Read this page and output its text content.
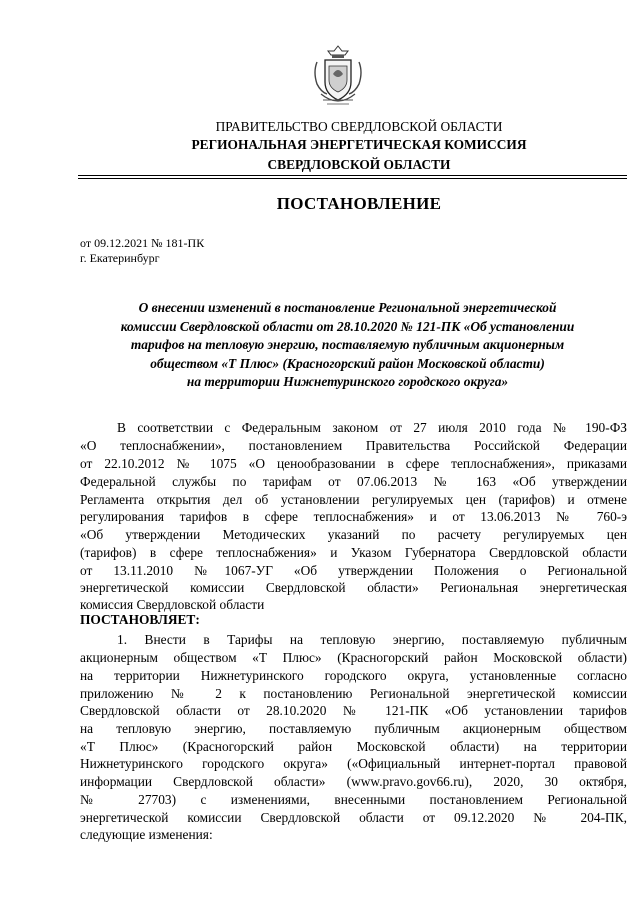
ПРАВИТЕЛЬСТВО СВЕРДЛОВСКОЙ ОБЛАСТИ
РЕГИОНАЛЬНАЯ ЭНЕРГЕТИЧЕСКАЯ КОМИССИЯ
СВЕРДЛОВСКОЙ ОБЛАСТИ
ПОСТАНОВЛЕНИЕ
от 09.12.2021 № 181-ПК
г. Екатеринбург
О внесении изменений в постановление Региональной энергетической
комиссии Свердловской области от 28.10.2020 № 121-ПК «Об установлении
тарифов на тепловую энергию, поставляемую публичным акционерным
обществом «Т Плюс» (Красногорский район Московской области)
на территории Нижнетуринского городского округа»
В соответствии с Федеральным законом от 27 июля 2010 года № 190-ФЗ
«О теплоснабжении», постановлением Правительства Российской Федерации
от 22.10.2012 № 1075 «О ценообразовании в сфере теплоснабжения», приказами
Федеральной службы по тарифам от 07.06.2013 № 163 «Об утверждении
Регламента открытия дел об установлении регулируемых цен (тарифов) и отмене
регулирования тарифов в сфере теплоснабжения» и от 13.06.2013 № 760-э
«Об утверждении Методических указаний по расчету регулируемых цен
(тарифов) в сфере теплоснабжения» и Указом Губернатора Свердловской области
от 13.11.2010 №1067-УГ «Об утверждении Положения о Региональной
энергетической комиссии Свердловской области» Региональная энергетическая
комиссия Свердловской области
ПОСТАНОВЛЯЕТ:
1. Внести в Тарифы на тепловую энергию, поставляемую публичным
акционерным обществом «Т Плюс» (Красногорский район Московской области)
на территории Нижнетуринского городского округа, установленные согласно
приложению № 2 к постановлению Региональной энергетической комиссии
Свердловской области от 28.10.2020 № 121-ПК «Об установлении тарифов
на тепловую энергию, поставляемую публичным акционерным обществом
«Т Плюс» (Красногорский район Московской области) на территории
Нижнетуринского городского округа» («Официальный интернет-портал правовой
информации Свердловской области» (www.pravo.gov66.ru), 2020, 30 октября,
№ 27703) с изменениями, внесенными постановлением Региональной
энергетической комиссии Свердловской области от 09.12.2020 № 204-ПК,
следующие изменения:
